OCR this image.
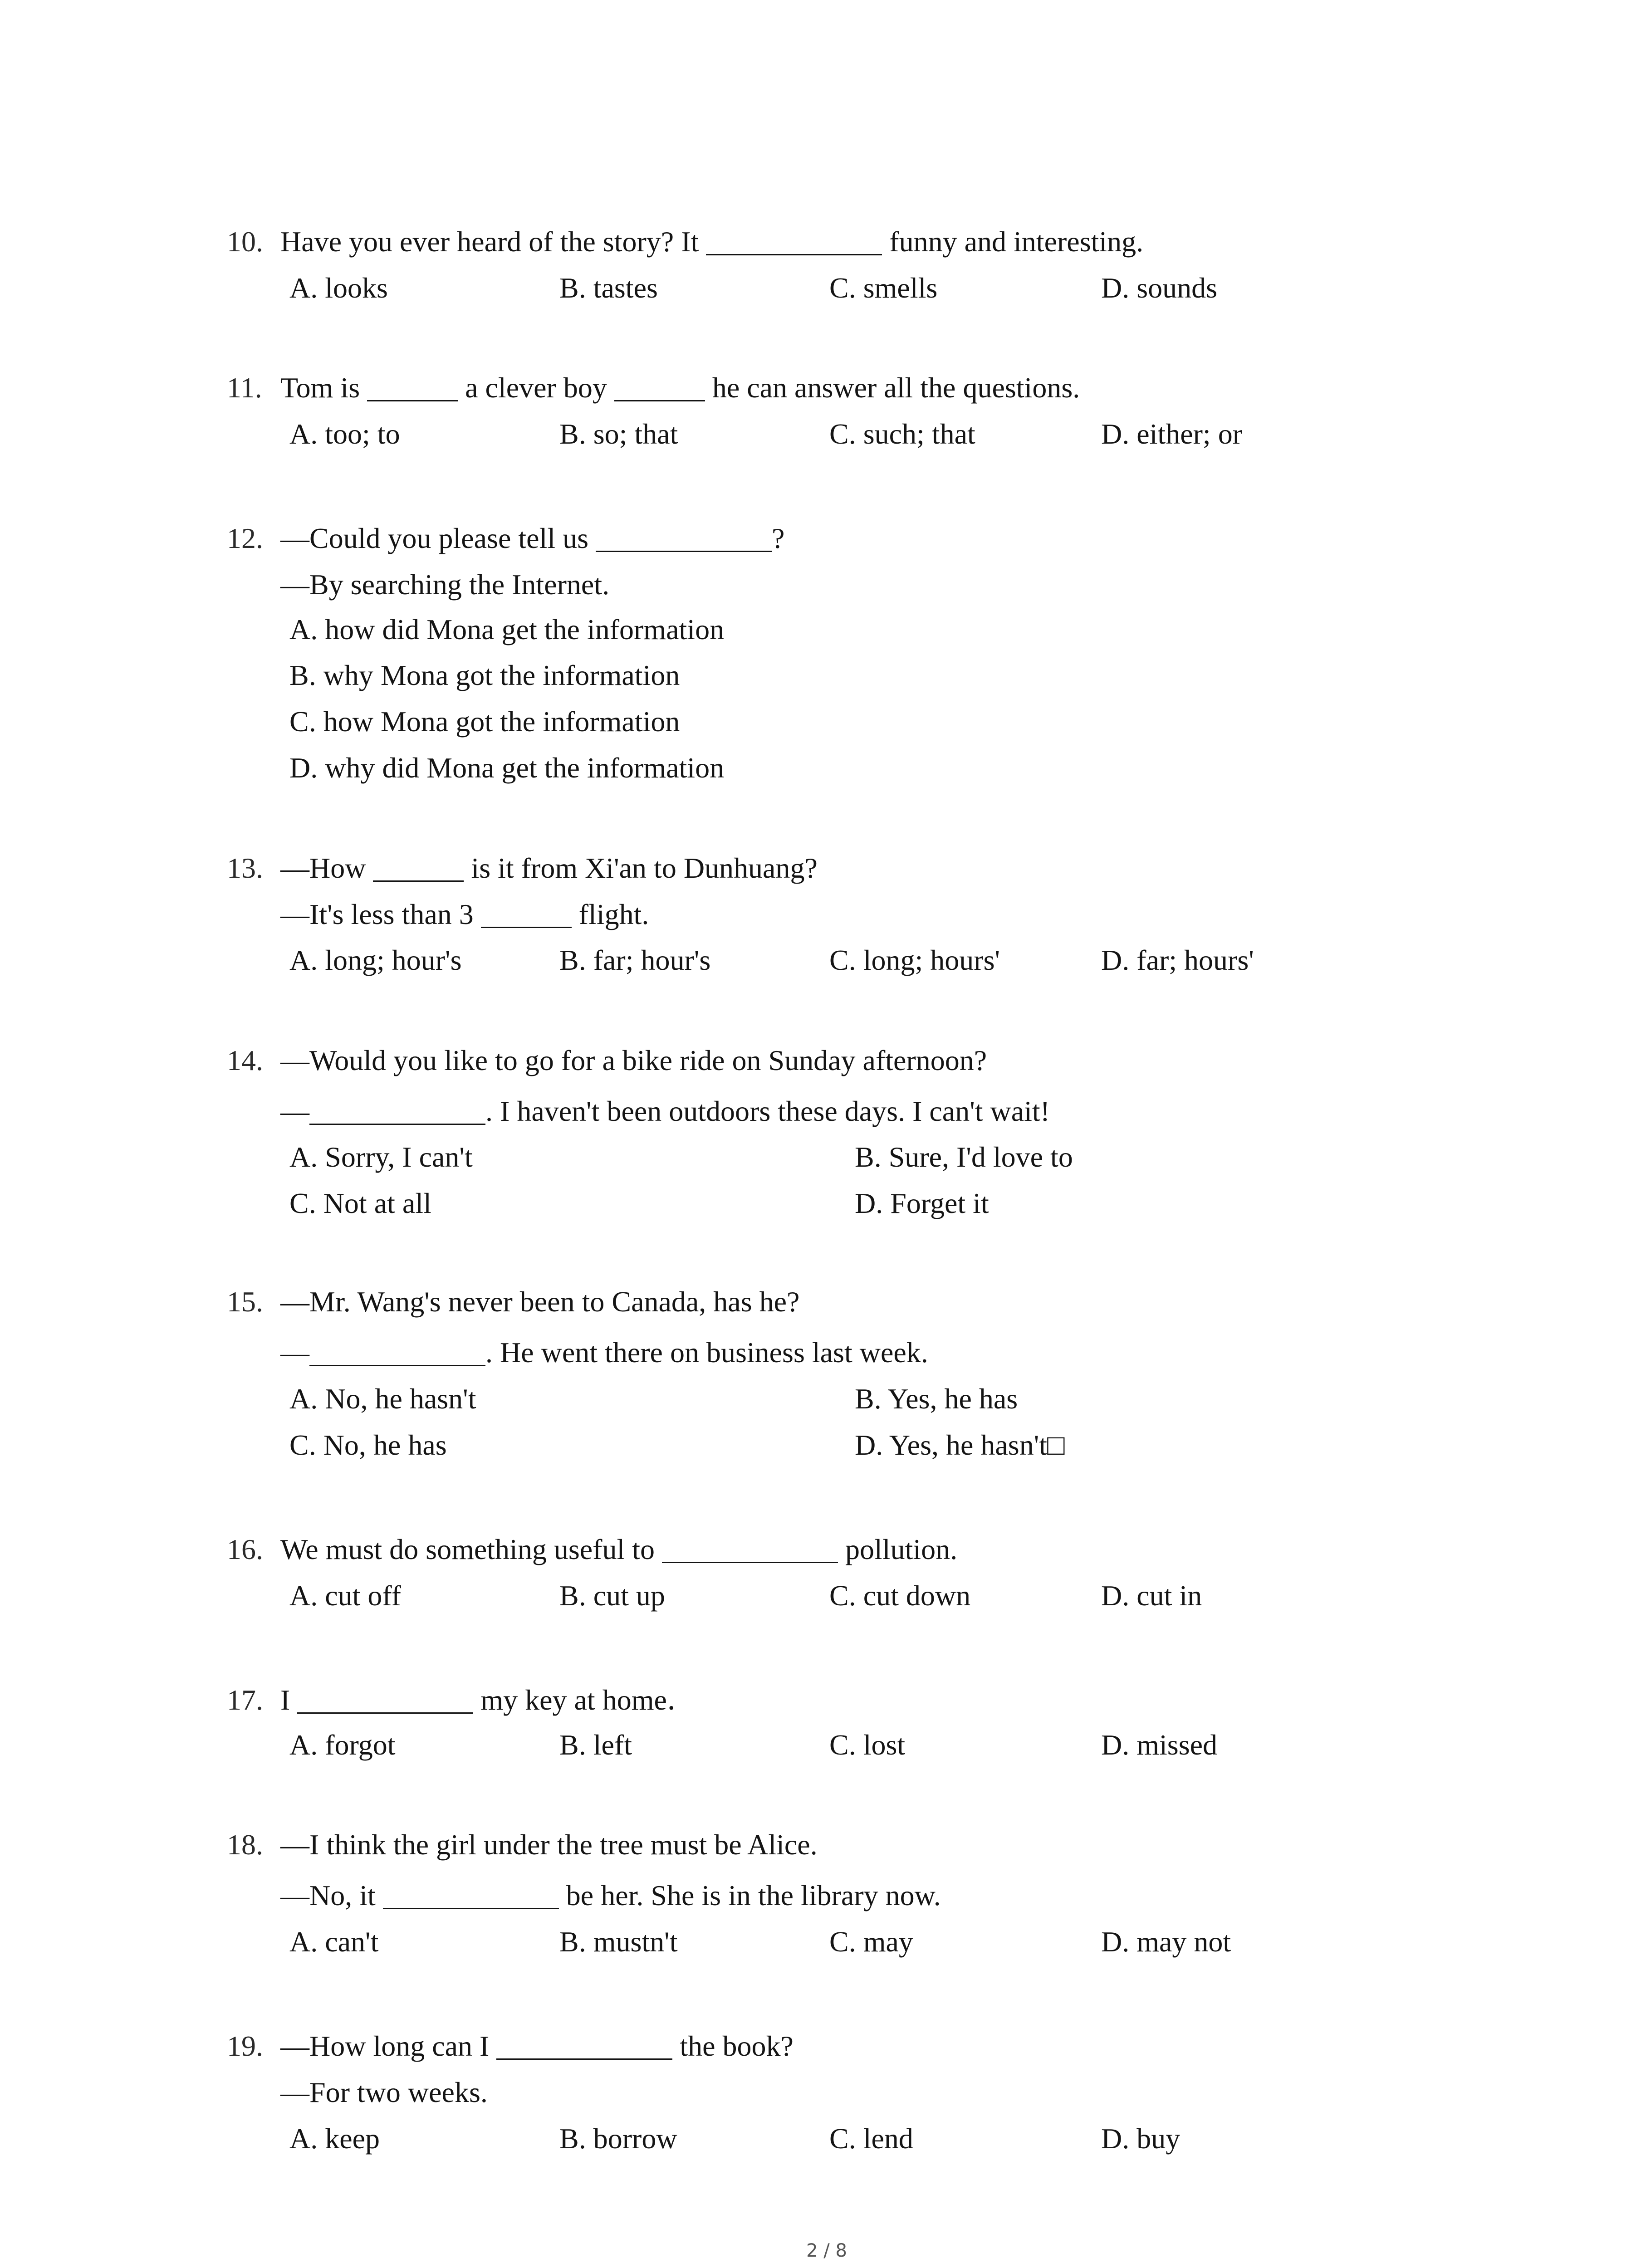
10. Have you ever heard of the story? It	funny and interesting.
A. looks	B. tastes	C. smells	D. sounds
11. Tom is	a clever boy	he can answer all the questions.
A. too; to	B. so; that	C. such; that	D. either; or
12. —Could you please tell us	?
—By searching the Internet.
A. how did Mona get the information
B. why Mona got the information
C. how Mona got the information
D. why did Mona get the information
13. —How	is it from Xi'an to Dunhuang?
—It's less than 3	flight.
A. long; hour's	B. far; hour's	C. long; hours'	D. far; hours'
14. —Would you like to go for a bike ride on Sunday afternoon?
—	. I haven't been outdoors these days. I can't wait!
A. Sorry, I can't	B. Sure, I'd love to
C. Not at all	D. Forget it
15. —Mr. Wang's never been to Canada, has he?
—	. He went there on business last week.
A. No, he hasn't	B. Yes, he has
C. No, he has	D. Yes, he hasn't□
16. We must do something useful to	pollution.
A. cut off	B. cut up	C. cut down	D. cut in
17. I	my key at home．
A. forgot	B. left	C. lost	D. missed
18. —I think the girl under the tree must be Alice.
—No, it	be her. She is in the library now.
A. can't	B. mustn't	C. may	D. may not
19. —How long can I	the book?
—For two weeks.
A. keep	B. borrow	C. lend	D. buy
2 / 8
